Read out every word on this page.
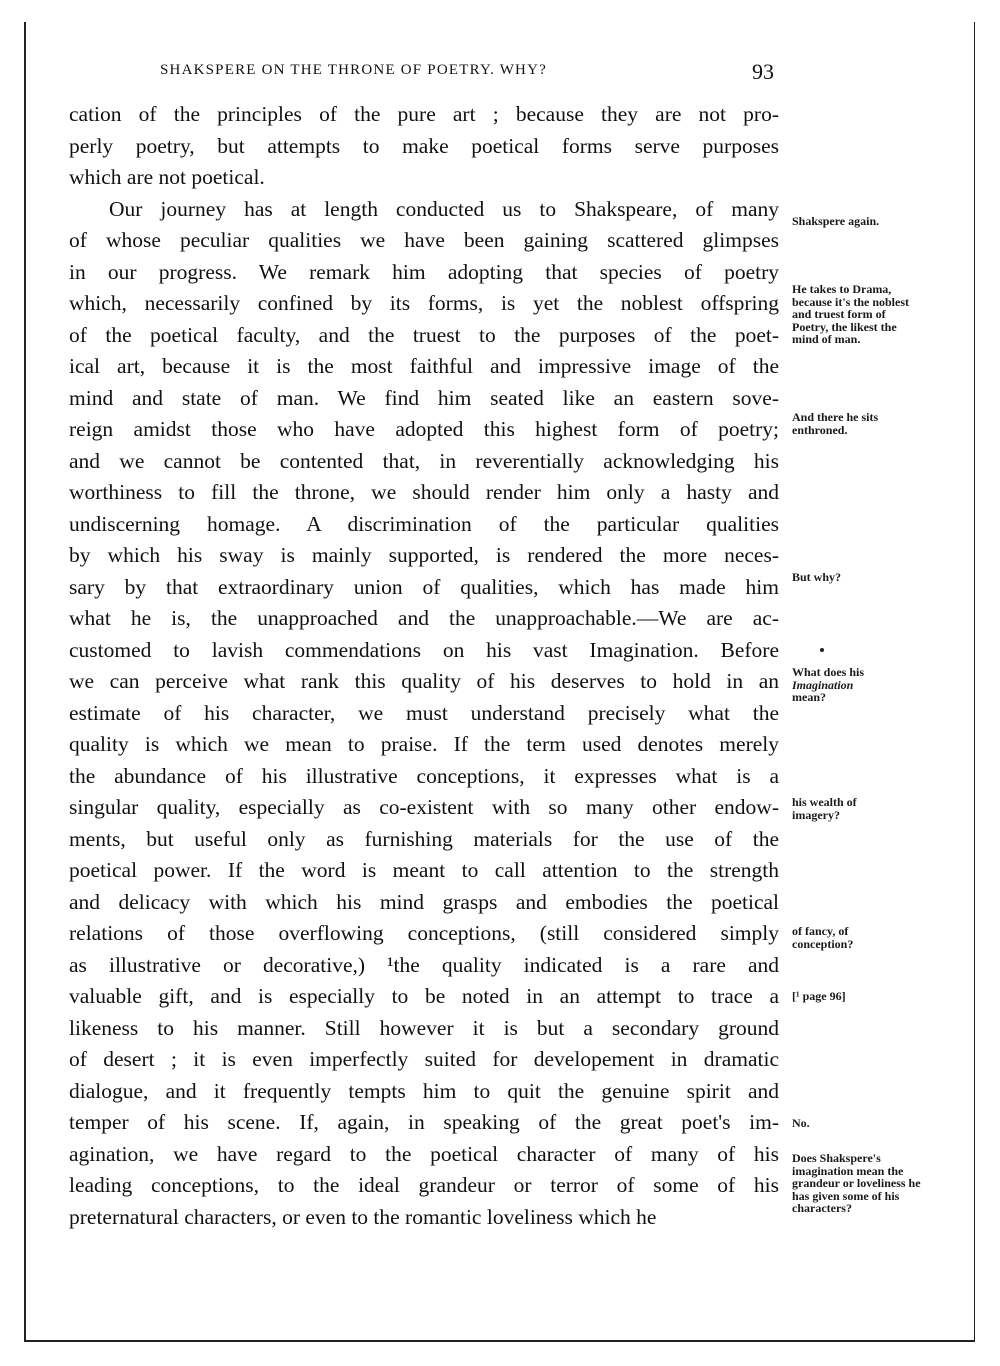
SHAKSPERE ON THE THRONE OF POETRY. WHY?	93
cation of the principles of the pure art ; because they are not pro-
perly poetry, but attempts to make poetical forms serve purposes
which are not poetical.
Our journey has at length conducted us to Shakspeare, of many
of whose peculiar qualities we have been gaining scattered glimpses
in our progress. We remark him adopting that species of poetry
which, necessarily confined by its forms, is yet the noblest offspring
of the poetical faculty, and the truest to the purposes of the poet-
ical art, because it is the most faithful and impressive image of the
mind and state of man. We find him seated like an eastern sove-
reign amidst those who have adopted this highest form of poetry;
and we cannot be contented that, in reverentially acknowledging his
worthiness to fill the throne, we should render him only a hasty and
undiscerning homage. A discrimination of the particular qualities
by which his sway is mainly supported, is rendered the more neces-
sary by that extraordinary union of qualities, which has made him
what he is, the unapproached and the unapproachable.—We are ac-
customed to lavish commendations on his vast Imagination. Before
we can perceive what rank this quality of his deserves to hold in an
estimate of his character, we must understand precisely what the
quality is which we mean to praise. If the term used denotes merely
the abundance of his illustrative conceptions, it expresses what is a
singular quality, especially as co-existent with so many other endow-
ments, but useful only as furnishing materials for the use of the
poetical power. If the word is meant to call attention to the strength
and delicacy with which his mind grasps and embodies the poetical
relations of those overflowing conceptions, (still considered simply
as illustrative or decorative,) ¹the quality indicated is a rare and
valuable gift, and is especially to be noted in an attempt to trace a
likeness to his manner. Still however it is but a secondary ground
of desert ; it is even imperfectly suited for developement in dramatic
dialogue, and it frequently tempts him to quit the genuine spirit and
temper of his scene. If, again, in speaking of the great poet's im-
agination, we have regard to the poetical character of many of his
leading conceptions, to the ideal grandeur or terror of some of his
preternatural characters, or even to the romantic loveliness which he
Shakspere again.
He takes to Drama, because it's the noblest and truest form of Poetry, the likest the mind of man.
And there he sits enthroned.
But why?
What does his
Imagination
mean?
his wealth of imagery?
of fancy, of conception?
[¹ page 96]
No.
Does Shakspere's imagination mean the grandeur or loveliness he has given some of his characters?
